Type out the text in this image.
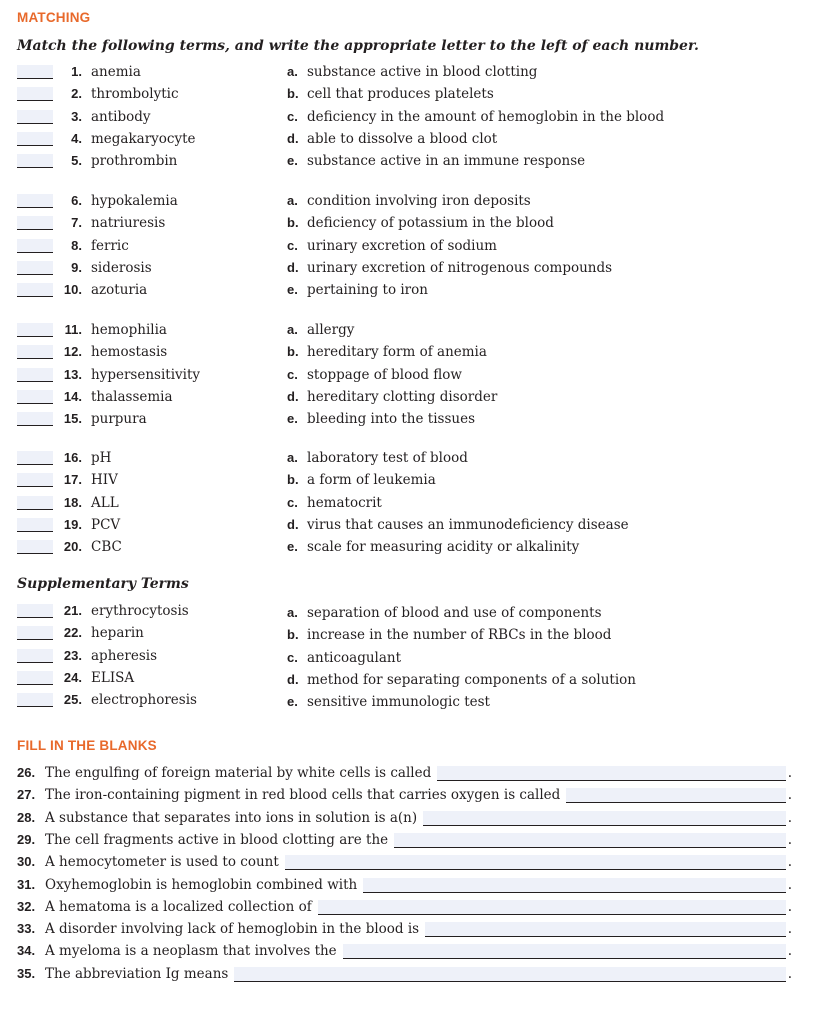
MATCHING
Match the following terms, and write the appropriate letter to the left of each number.
1. anemia	a. substance active in blood clotting
2. thrombolytic	b. cell that produces platelets
3. antibody	c. deficiency in the amount of hemoglobin in the blood
4. megakaryocyte	d. able to dissolve a blood clot
5. prothrombin	e. substance active in an immune response
6. hypokalemia	a. condition involving iron deposits
7. natriuresis	b. deficiency of potassium in the blood
8. ferric	c. urinary excretion of sodium
9. siderosis	d. urinary excretion of nitrogenous compounds
10. azoturia	e. pertaining to iron
11. hemophilia	a. allergy
12. hemostasis	b. hereditary form of anemia
13. hypersensitivity	c. stoppage of blood flow
14. thalassemia	d. hereditary clotting disorder
15. purpura	e. bleeding into the tissues
16. pH	a. laboratory test of blood
17. HIV	b. a form of leukemia
18. ALL	c. hematocrit
19. PCV	d. virus that causes an immunodeficiency disease
20. CBC	e. scale for measuring acidity or alkalinity
Supplementary Terms
21. erythrocytosis	a. separation of blood and use of components
22. heparin	b. increase in the number of RBCs in the blood
23. apheresis	c. anticoagulant
24. ELISA	d. method for separating components of a solution
25. electrophoresis	e. sensitive immunologic test
FILL IN THE BLANKS
26. The engulfing of foreign material by white cells is called	.
27. The iron-containing pigment in red blood cells that carries oxygen is called	.
28. A substance that separates into ions in solution is a(n)	.
29. The cell fragments active in blood clotting are the	.
30. A hemocytometer is used to count	.
31. Oxyhemoglobin is hemoglobin combined with	.
32. A hematoma is a localized collection of	.
33. A disorder involving lack of hemoglobin in the blood is	.
34. A myeloma is a neoplasm that involves the	.
35. The abbreviation Ig means	.
